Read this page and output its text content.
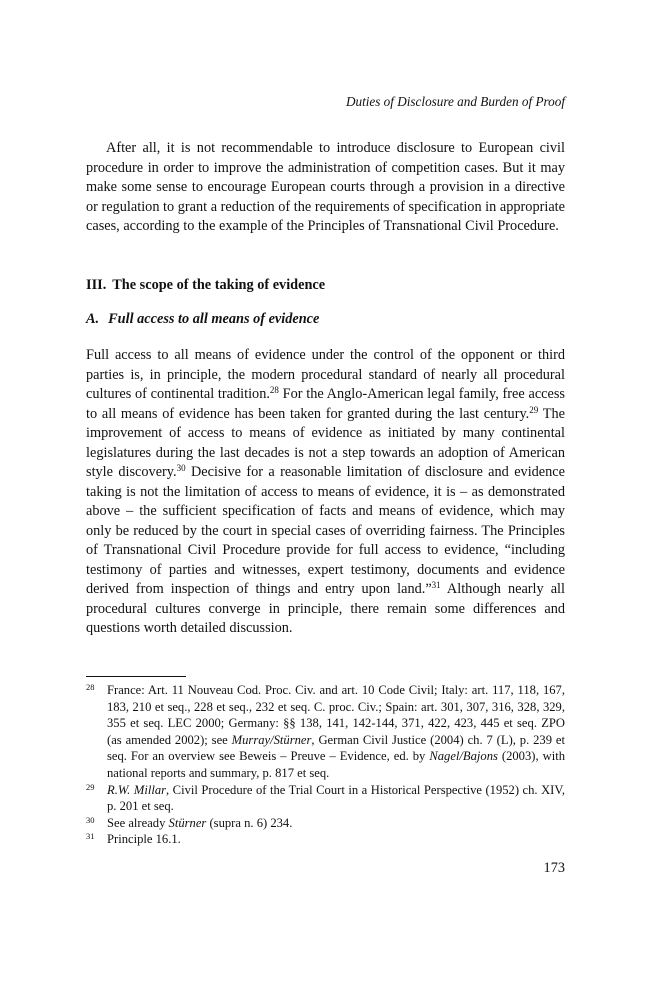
Duties of Disclosure and Burden of Proof

After all, it is not recommendable to introduce disclosure to European civil procedure in order to improve the administration of competition cases. But it may make some sense to encourage European courts through a provision in a directive or regulation to grant a reduction of the requirements of specification in appropriate cases, according to the example of the Principles of Transnational Civil Procedure.

III. The scope of the taking of evidence
A. Full access to all means of evidence

Full access to all means of evidence under the control of the opponent or third parties is, in principle, the modern procedural standard of nearly all procedural cultures of continental tradition.$^{28}$ For the Anglo-American legal family, free access to all means of evidence has been taken for granted during the last century.$^{29}$ The improvement of access to means of evidence as initiated by many continental legislatures during the last decades is not a step towards an adoption of American style discovery.$^{30}$ Decisive for a reasonable limitation of disclosure and evidence taking is not the limitation of access to means of evidence, it is – as demonstrated above – the sufficient specification of facts and means of evidence, which may only be reduced by the court in special cases of overriding fairness. The Principles of Transnational Civil Procedure provide for full access to evidence, “including testimony of parties and witnesses, expert testimony, documents and evidence derived from inspection of things and entry upon land.”$^{31}$ Although nearly all procedural cultures converge in principle, there remain some differences and questions worth detailed discussion.

28 France: Art. 11 Nouveau Cod. Proc. Civ. and art. 10 Code Civil; Italy: art. 117, 118, 167, 183, 210 et seq., 228 et seq., 232 et seq. C. proc. Civ.; Spain: art. 301, 307, 316, 328, 329, 355 et seq. LEC 2000; Germany: §§ 138, 141, 142-144, 371, 422, 423, 445 et seq. ZPO (as amended 2002); see Murray/Stürner, German Civil Justice (2004) ch. 7 (L), p. 239 et seq. For an overview see Beweis – Preuve – Evidence, ed. by Nagel/Bajons (2003), with national reports and summary, p. 817 et seq.
29 R.W. Millar, Civil Procedure of the Trial Court in a Historical Perspective (1952) ch. XIV, p. 201 et seq.
30 See already Stürner (supra n. 6) 234.
31 Principle 16.1.
173
